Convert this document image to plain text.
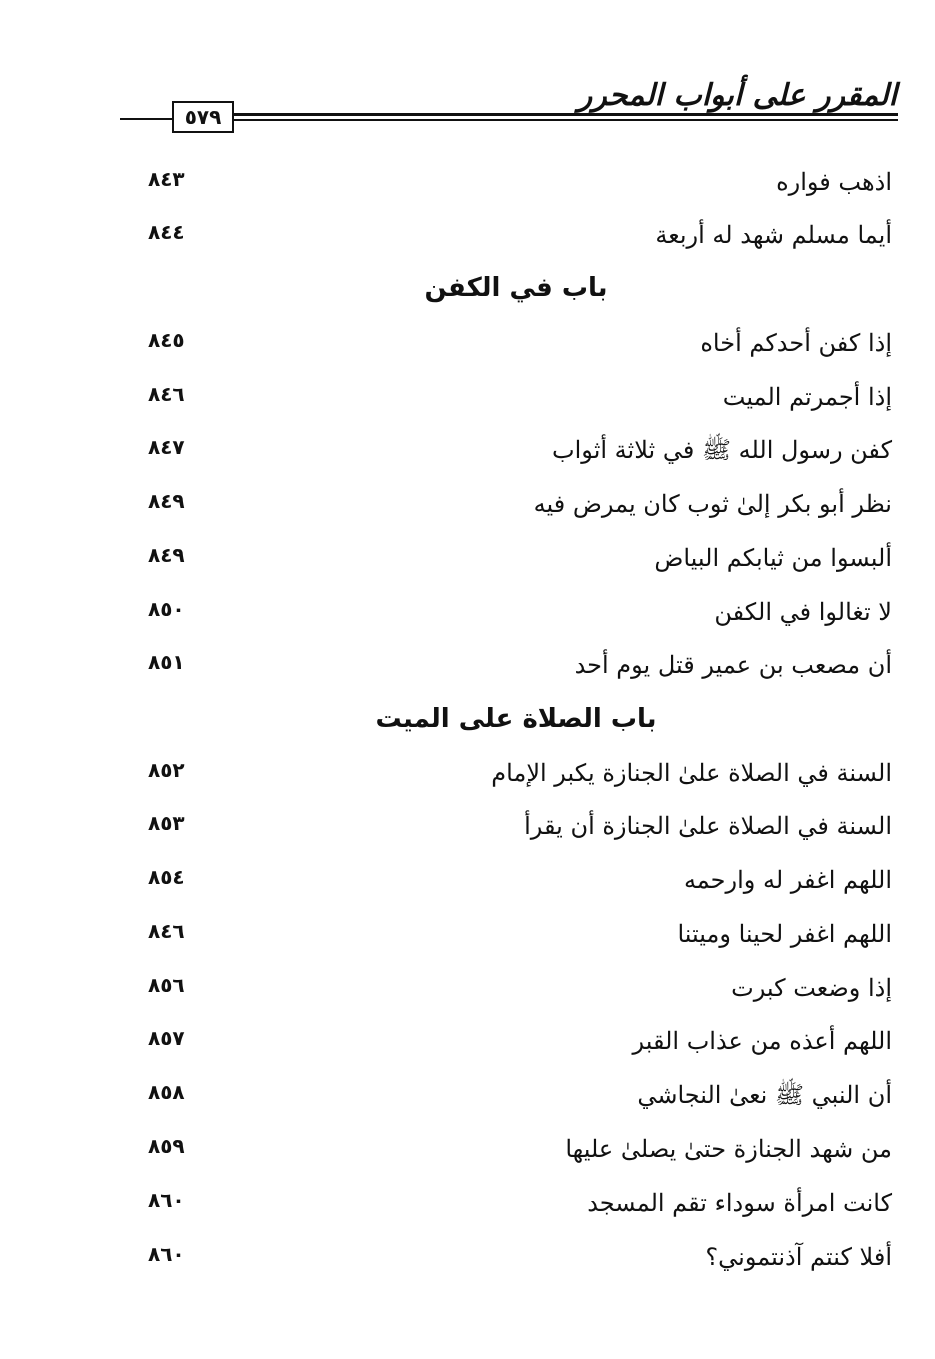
المقرر على أبواب المحرر
٥٧٩
اذهب فواره
٨٤٣
أيما مسلم شهد له أربعة
٨٤٤
باب في الكفن
إذا كفن أحدكم أخاه
٨٤٥
إذا أجمرتم الميت
٨٤٦
كفن رسول الله ﷺ في ثلاثة أثواب
٨٤٧
نظر أبو بكر إلىٰ ثوب كان يمرض فيه
٨٤٩
ألبسوا من ثيابكم البياض
٨٤٩
لا تغالوا في الكفن
٨٥٠
أن مصعب بن عمير قتل يوم أحد
٨٥١
باب الصلاة على الميت
السنة في الصلاة علىٰ الجنازة يكبر الإمام
٨٥٢
السنة في الصلاة علىٰ الجنازة أن يقرأ
٨٥٣
اللهم اغفر له وارحمه
٨٥٤
اللهم اغفر لحينا وميتنا
٨٤٦
إذا وضعت كبرت
٨٥٦
اللهم أعذه من عذاب القبر
٨٥٧
أن النبي ﷺ نعىٰ النجاشي
٨٥٨
من شهد الجنازة حتىٰ يصلىٰ عليها
٨٥٩
كانت امرأة سوداء تقم المسجد
٨٦٠
أفلا كنتم آذنتموني؟
٨٦٠
